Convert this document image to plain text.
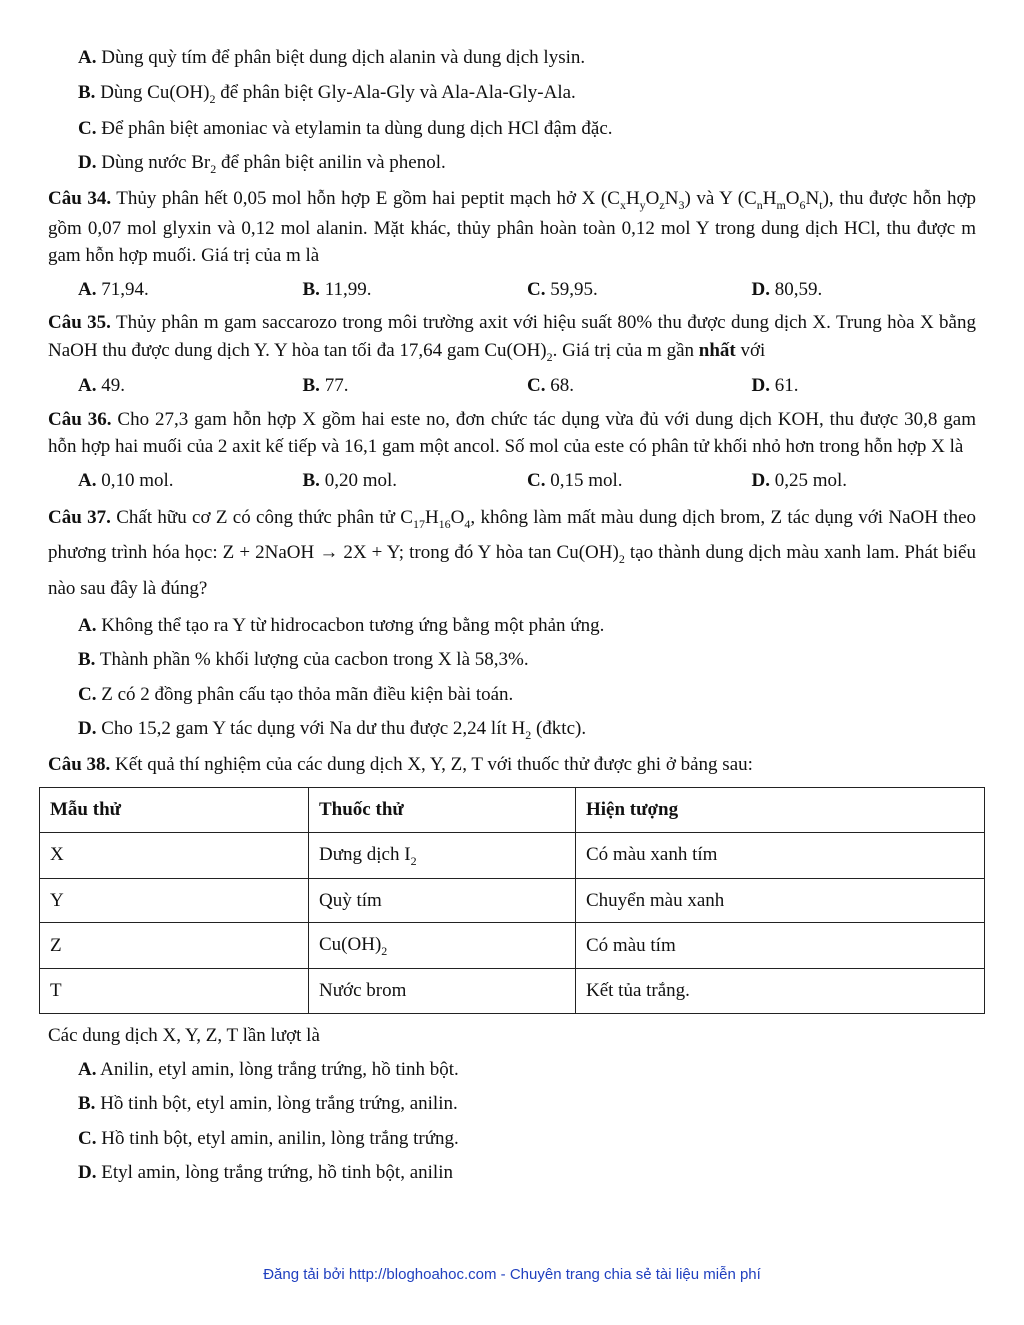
A. Dùng quỳ tím để phân biệt dung dịch alanin và dung dịch lysin.

B. Dùng $Cu(OH)_2$ để phân biệt Gly-Ala-Gly và Ala-Ala-Gly-Ala.

C. Để phân biệt amoniac và etylamin ta dùng dung dịch HCl đậm đặc.

D. Dùng nước $Br_2$ để phân biệt anilin và phenol.

Câu 34. Thủy phân hết 0,05 mol hỗn hợp E gồm hai peptit mạch hở X $(C_xH_yO_zN_3)$ và Y $(C_nH_mO_6N_t)$, thu được hỗn hợp gồm 0,07 mol glyxin và 0,12 mol alanin. Mặt khác, thủy phân hoàn toàn 0,12 mol Y trong dung dịch HCl, thu được m gam hỗn hợp muối. Giá trị của m là

A. 71,94.	B. 11,99.	C. 59,95.	D. 80,59.

Câu 35. Thủy phân m gam saccarozo trong môi trường axit với hiệu suất 80% thu được dung dịch X. Trung hòa X bằng NaOH thu được dung dịch Y. Y hòa tan tối đa 17,64 gam $Cu(OH)_2$. Giá trị của m gần nhất với

A. 49.	B. 77.	C. 68.	D. 61.

Câu 36. Cho 27,3 gam hỗn hợp X gồm hai este no, đơn chức tác dụng vừa đủ với dung dịch KOH, thu được 30,8 gam hỗn hợp hai muối của 2 axit kế tiếp và 16,1 gam một ancol. Số mol của este có phân tử khối nhỏ hơn trong hỗn hợp X là

A. 0,10 mol.	B. 0,20 mol.	C. 0,15 mol.	D. 0,25 mol.

Câu 37. Chất hữu cơ Z có công thức phân tử $C_{17}H_{16}O_4$, không làm mất màu dung dịch brom, Z tác dụng với NaOH theo phương trình hóa học: Z + 2NaOH → 2X + Y; trong đó Y hòa $\tan Cu(OH)_2$ tạo thành dung dịch màu xanh lam. Phát biểu nào sau đây là đúng?

A. Không thể tạo ra Y từ hidrocacbon tương ứng bằng một phản ứng.

B. Thành phần % khối lượng của cacbon trong X là 58,3%.

C. Z có 2 đồng phân cấu tạo thỏa mãn điều kiện bài toán.

D. Cho 15,2 gam Y tác dụng với Na dư thu được 2,24 lít $H_2$ (đktc).

Câu 38. Kết quả thí nghiệm của các dung dịch X, Y, Z, T với thuốc thử được ghi ở bảng sau:

Mẫu thử	Thuốc thử	Hiện tượng
X	Dưng dịch $I_2$	Có màu xanh tím
Y	Quỳ tím	Chuyển màu xanh
Z	$Cu(OH)_2$	Có màu tím
T	Nước brom	Kết tủa trắng.

Các dung dịch X, Y, Z, T lần lượt là

A. Anilin, etyl amin, lòng trắng trứng, hồ tinh bột.

B. Hồ tinh bột, etyl amin, lòng trắng trứng, anilin.

C. Hồ tinh bột, etyl amin, anilin, lòng trắng trứng.

D. Etyl amin, lòng trắng trứng, hồ tinh bột, anilin

Đăng tải bởi http://bloghoahoc.com - Chuyên trang chia sẻ tài liệu miễn phí
